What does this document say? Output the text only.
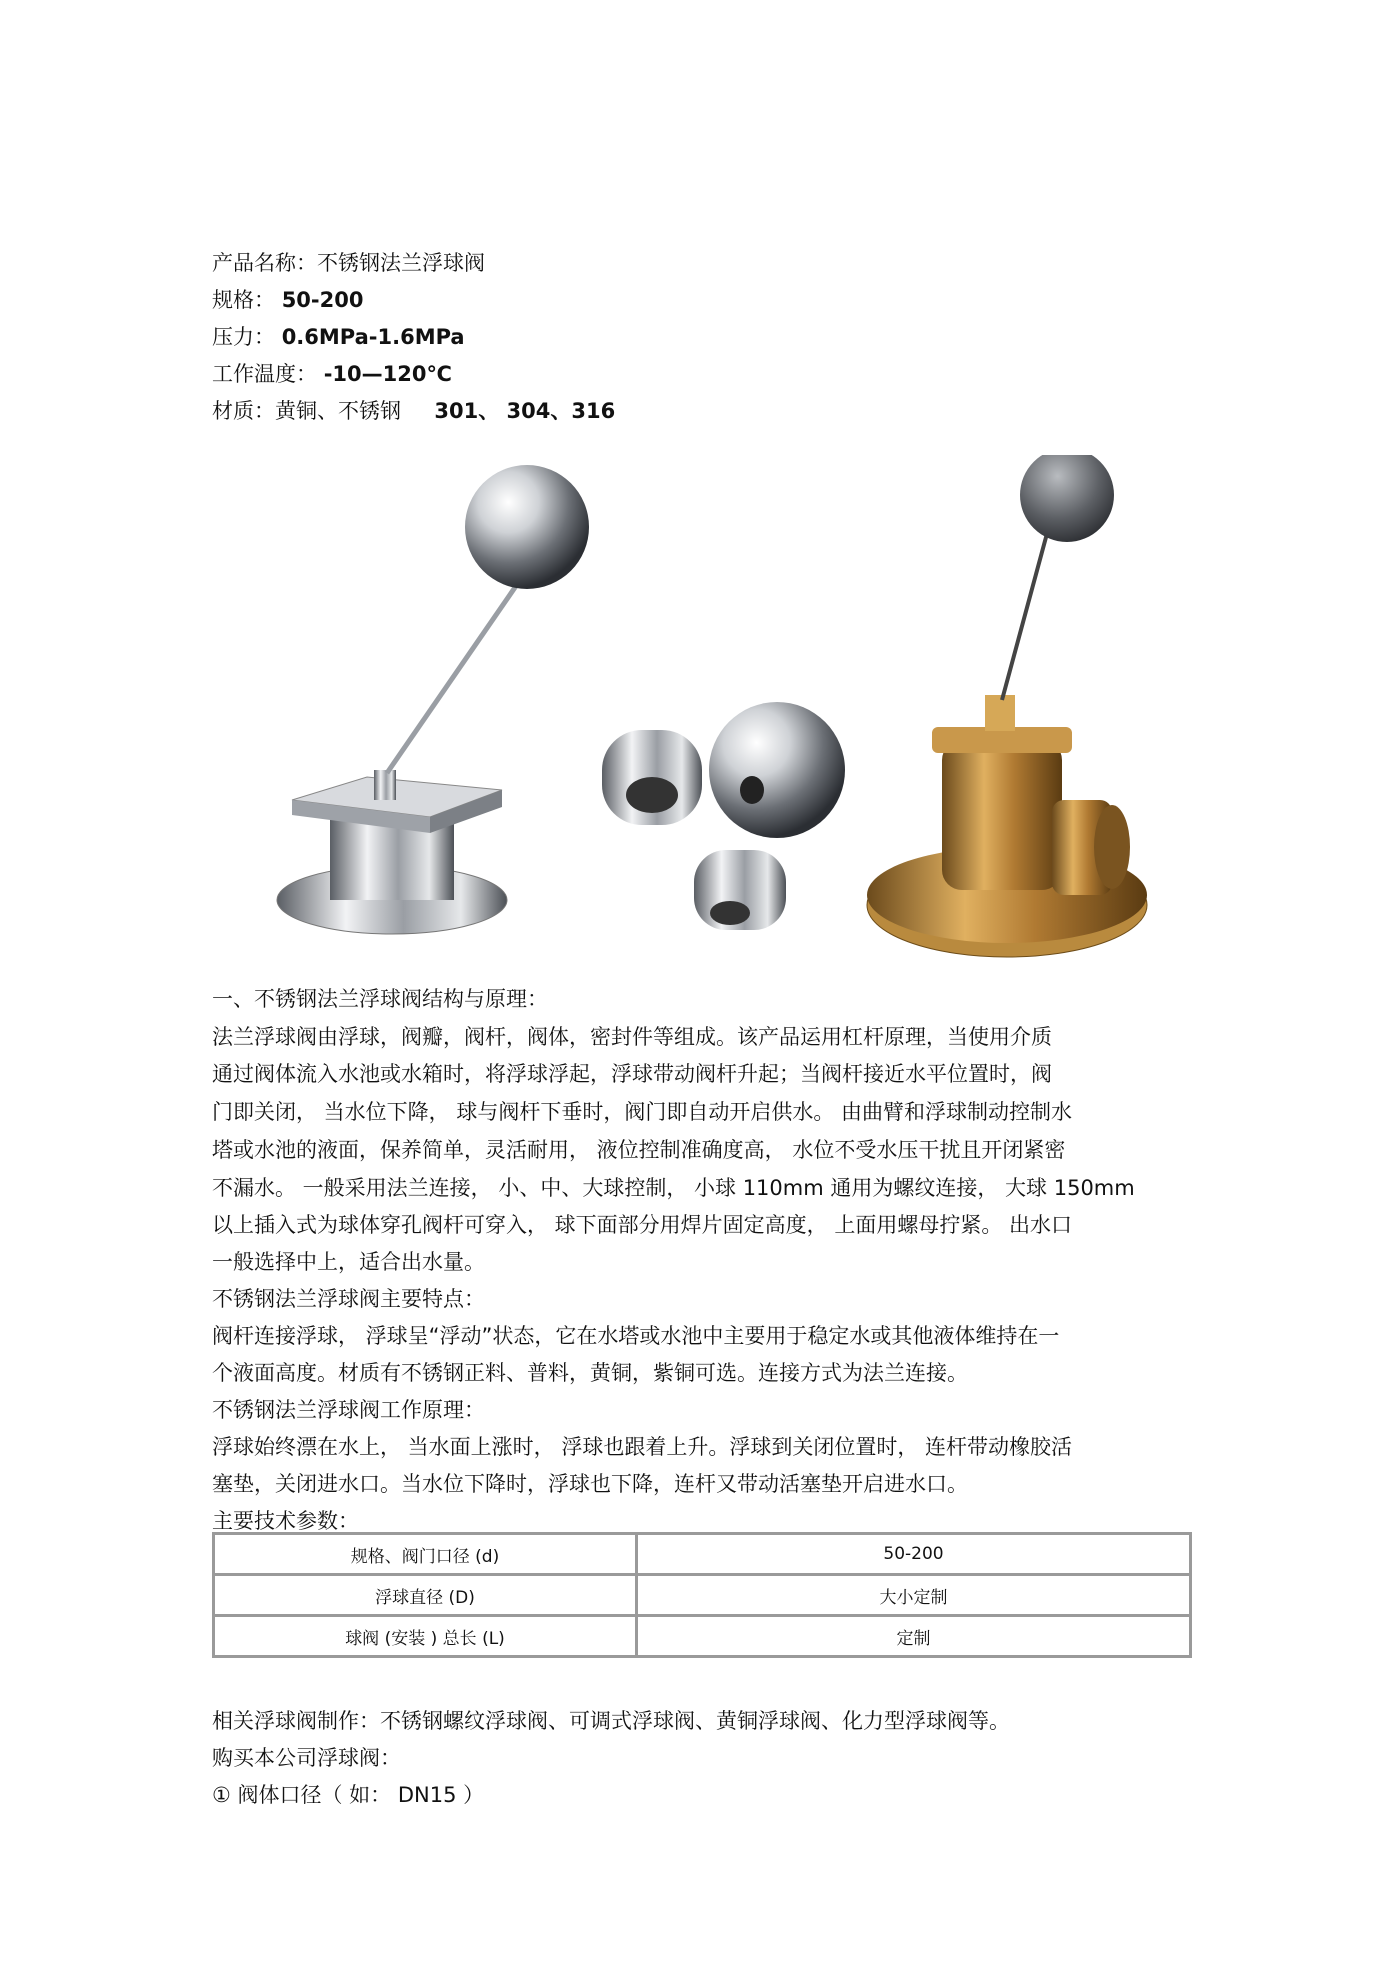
产品名称：不锈钢法兰浮球阀
规格： 50-200
压力： 0.6MPa-1.6MPa
工作温度： -10—120℃
材质：黄铜、不锈钢 301、 304、316
一、不锈钢法兰浮球阀结构与原理：
法兰浮球阀由浮球，阀瓣，阀杆，阀体，密封件等组成。该产品运用杠杆原理，当使用介质
通过阀体流入水池或水箱时，将浮球浮起，浮球带动阀杆升起；当阀杆接近水平位置时，阀
门即关闭， 当水位下降， 球与阀杆下垂时，阀门即自动开启供水。 由曲臂和浮球制动控制水
塔或水池的液面，保养简单，灵活耐用， 液位控制准确度高， 水位不受水压干扰且开闭紧密
不漏水。 一般采用法兰连接， 小、中、大球控制， 小球 110mm 通用为螺纹连接， 大球 150mm
以上插入式为球体穿孔阀杆可穿入， 球下面部分用焊片固定高度， 上面用螺母拧紧。 出水口
一般选择中上，适合出水量。
不锈钢法兰浮球阀主要特点：
阀杆连接浮球， 浮球呈“浮动”状态，它在水塔或水池中主要用于稳定水或其他液体维持在一
个液面高度。材质有不锈钢正料、普料，黄铜，紫铜可选。连接方式为法兰连接。
不锈钢法兰浮球阀工作原理：
浮球始终漂在水上， 当水面上涨时， 浮球也跟着上升。浮球到关闭位置时， 连杆带动橡胶活
塞垫，关闭进水口。当水位下降时，浮球也下降，连杆又带动活塞垫开启进水口。
主要技术参数：
规格、阀门口径 (d)	50-200
浮球直径 (D)	大小定制
球阀 (安装 ) 总长 (L)	定制
相关浮球阀制作：不锈钢螺纹浮球阀、可调式浮球阀、黄铜浮球阀、化力型浮球阀等。
购买本公司浮球阀：
① 阀体口径（ 如： DN15 ）
